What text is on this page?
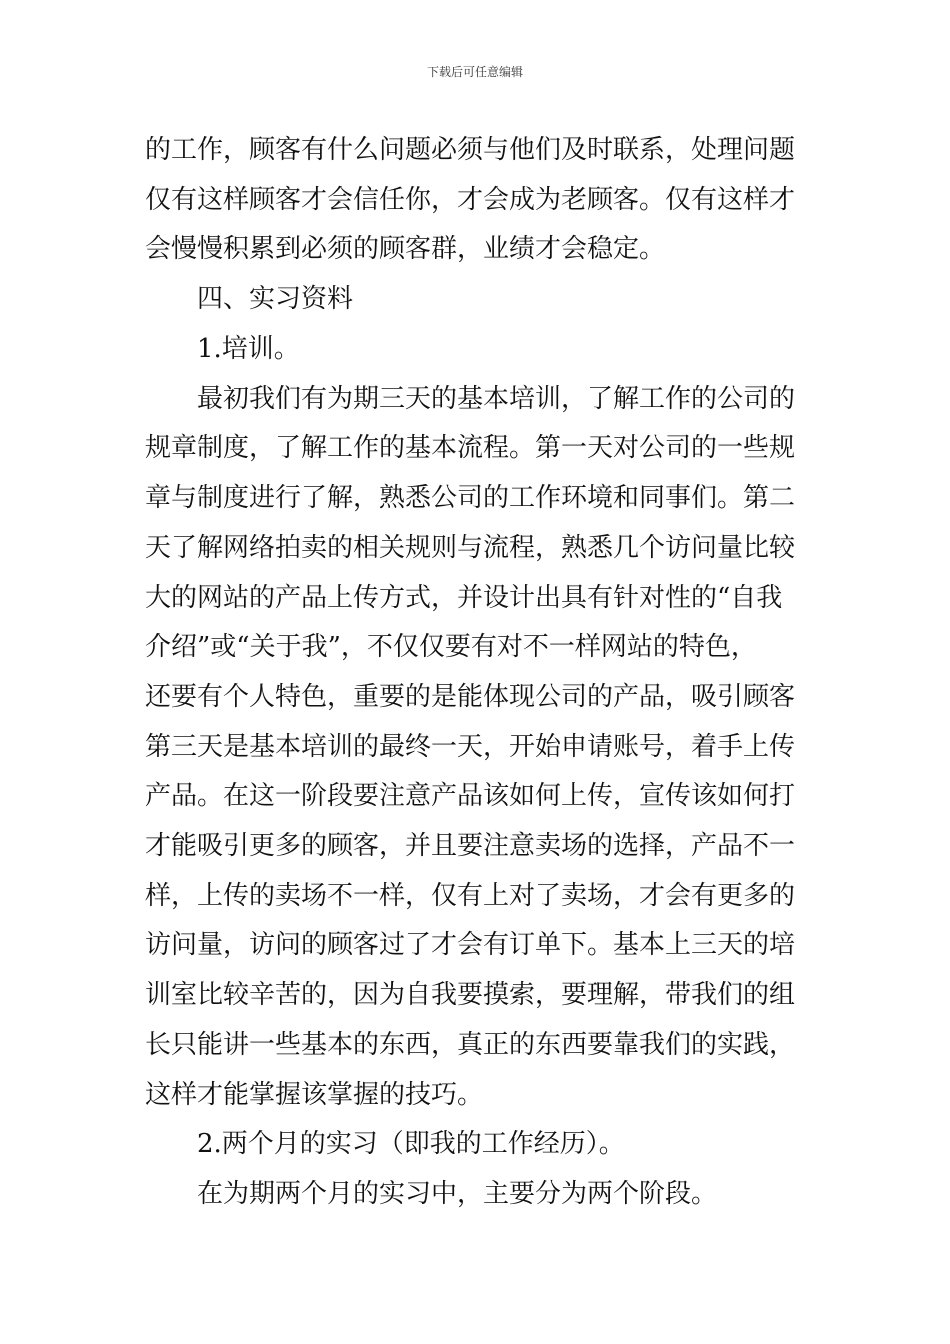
下载后可任意编辑
的工作，顾客有什么问题必须与他们及时联系，处理问题
仅有这样顾客才会信任你，才会成为老顾客。仅有这样才
会慢慢积累到必须的顾客群，业绩才会稳定。
四、实习资料
1.培训。
最初我们有为期三天的基本培训，了解工作的公司的
规章制度，了解工作的基本流程。第一天对公司的一些规
章与制度进行了解，熟悉公司的工作环境和同事们。第二
天了解网络拍卖的相关规则与流程，熟悉几个访问量比较
大的网站的产品上传方式，并设计出具有针对性的“自我
介绍”或“关于我”，不仅仅要有对不一样网站的特色，
还要有个人特色，重要的是能体现公司的产品，吸引顾客
第三天是基本培训的最终一天，开始申请账号，着手上传
产品。在这一阶段要注意产品该如何上传，宣传该如何打
才能吸引更多的顾客，并且要注意卖场的选择，产品不一
样，上传的卖场不一样，仅有上对了卖场，才会有更多的
访问量，访问的顾客过了才会有订单下。基本上三天的培
训室比较辛苦的，因为自我要摸索，要理解，带我们的组
长只能讲一些基本的东西，真正的东西要靠我们的实践，
这样才能掌握该掌握的技巧。
2.两个月的实习（即我的工作经历）。
在为期两个月的实习中，主要分为两个阶段。
